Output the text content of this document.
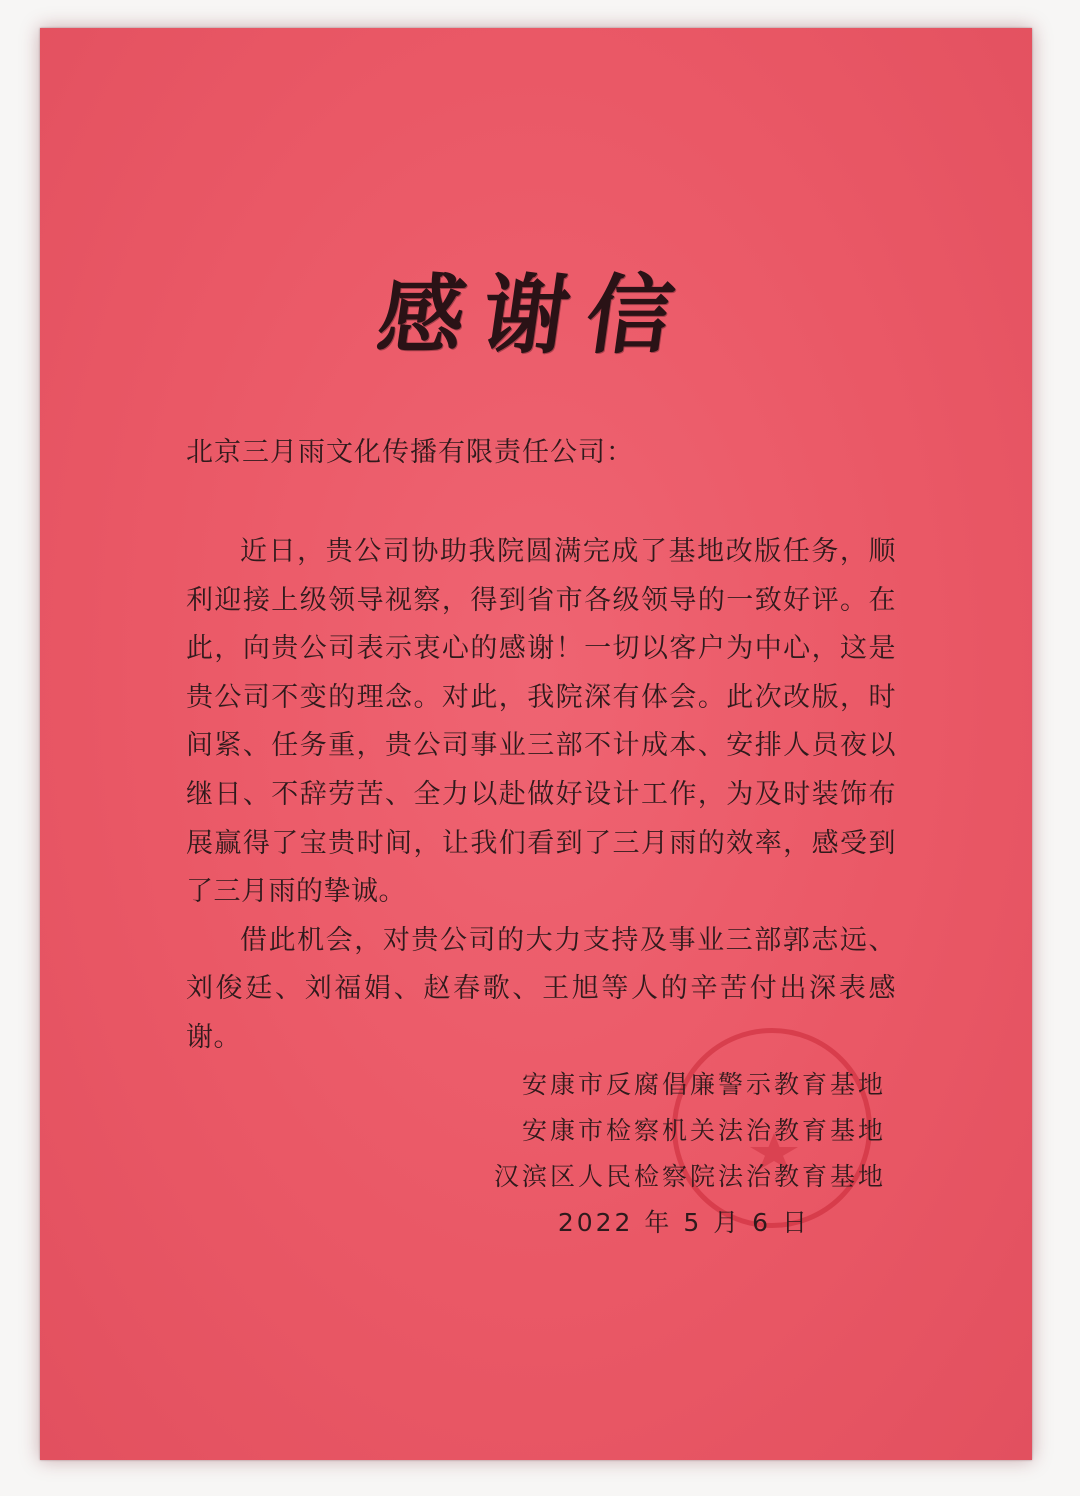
感谢信
北京三月雨文化传播有限责任公司：

近日，贵公司协助我院圆满完成了基地改版任务，顺利迎接上级领导视察，得到省市各级领导的一致好评。在此，向贵公司表示衷心的感谢！一切以客户为中心，这是贵公司不变的理念。对此，我院深有体会。此次改版，时间紧、任务重，贵公司事业三部不计成本、安排人员夜以继日、不辞劳苦、全力以赴做好设计工作，为及时装饰布展赢得了宝贵时间，让我们看到了三月雨的效率，感受到了三月雨的挚诚。

借此机会，对贵公司的大力支持及事业三部郭志远、刘俊廷、刘福娟、赵春歌、王旭等人的辛苦付出深表感谢。

安康市反腐倡廉警示教育基地
安康市检察机关法治教育基地
汉滨区人民检察院法治教育基地
2022 年 5 月 6 日
